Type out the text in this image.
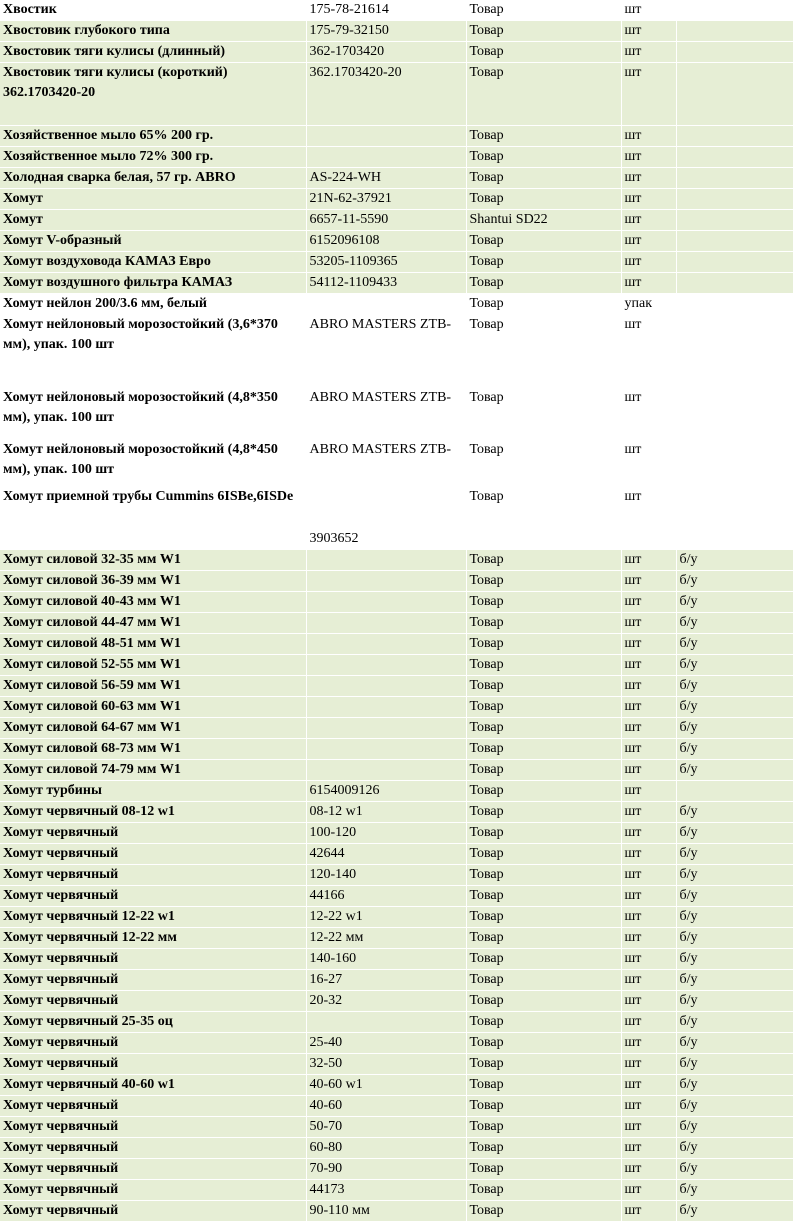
Хвостик	175-78-21614	Товар	шт	
Хвостовик глубокого типа	175-79-32150	Товар	шт	
Хвостовик тяги кулисы (длинный)	362-1703420	Товар	шт	
Хвостовик тяги кулисы (короткий) 362.1703420-20	362.1703420-20	Товар	шт	
Хозяйственное мыло 65% 200 гр.		Товар	шт	
Хозяйственное мыло 72% 300 гр.		Товар	шт	
Холодная сварка белая, 57 гр. ABRO	AS-224-WH	Товар	шт	
Хомут	21N-62-37921	Товар	шт	
Хомут	6657-11-5590	Shantui SD22	шт	
Хомут V-образный	6152096108	Товар	шт	
Хомут воздуховода КАМАЗ Евро	53205-1109365	Товар	шт	
Хомут воздушного фильтра КАМАЗ	54112-1109433	Товар	шт	
Хомут нейлон 200/3.6 мм, белый		Товар	упак	
Хомут нейлоновый морозостойкий (3,6*370 мм), упак. 100 шт	ABRO MASTERS ZTB-	Товар	шт	
Хомут нейлоновый морозостойкий (4,8*350 мм), упак. 100 шт	ABRO MASTERS ZTB-	Товар	шт	
Хомут нейлоновый морозостойкий (4,8*450 мм), упак. 100 шт	ABRO MASTERS ZTB-	Товар	шт	
Хомут приемной трубы Cummins 6ISBe,6ISDe	3903652	Товар	шт	
Хомут силовой 32-35 мм W1		Товар	шт	б/у
Хомут силовой 36-39 мм W1		Товар	шт	б/у
Хомут силовой 40-43 мм W1		Товар	шт	б/у
Хомут силовой 44-47 мм W1		Товар	шт	б/у
Хомут силовой 48-51 мм W1		Товар	шт	б/у
Хомут силовой 52-55 мм W1		Товар	шт	б/у
Хомут силовой 56-59 мм W1		Товар	шт	б/у
Хомут силовой 60-63 мм W1		Товар	шт	б/у
Хомут силовой 64-67 мм W1		Товар	шт	б/у
Хомут силовой 68-73 мм W1		Товар	шт	б/у
Хомут силовой 74-79 мм W1		Товар	шт	б/у
Хомут турбины	6154009126	Товар	шт	
Хомут червячный 08-12 w1	08-12 w1	Товар	шт	б/у
Хомут червячный	100-120	Товар	шт	б/у
Хомут червячный	42644	Товар	шт	б/у
Хомут червячный	120-140	Товар	шт	б/у
Хомут червячный	44166	Товар	шт	б/у
Хомут червячный 12-22 w1	12-22 w1	Товар	шт	б/у
Хомут червячный 12-22 мм	12-22 мм	Товар	шт	б/у
Хомут червячный	140-160	Товар	шт	б/у
Хомут червячный	16-27	Товар	шт	б/у
Хомут червячный	20-32	Товар	шт	б/у
Хомут червячный 25-35 оц		Товар	шт	б/у
Хомут червячный	25-40	Товар	шт	б/у
Хомут червячный	32-50	Товар	шт	б/у
Хомут червячный 40-60 w1	40-60 w1	Товар	шт	б/у
Хомут червячный	40-60	Товар	шт	б/у
Хомут червячный	50-70	Товар	шт	б/у
Хомут червячный	60-80	Товар	шт	б/у
Хомут червячный	70-90	Товар	шт	б/у
Хомут червячный	44173	Товар	шт	б/у
Хомут червячный	90-110 мм	Товар	шт	б/у
